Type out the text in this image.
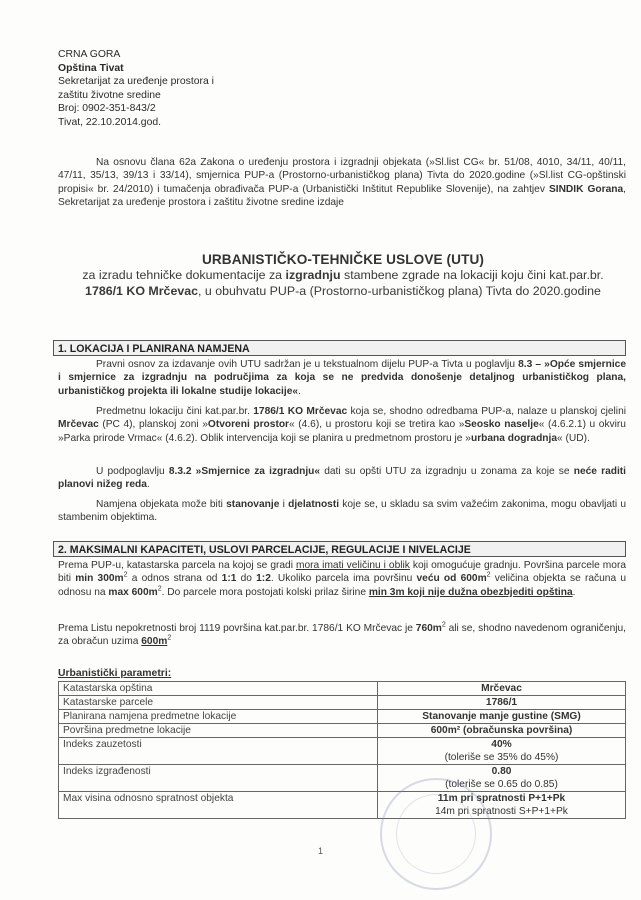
CRNA GORA
Opština Tivat
Sekretarijat za uređenje prostora i
zaštitu životne sredine
Broj: 0902-351-843/2
Tivat, 22.10.2014.god.
Na osnovu člana 62a Zakona o uređenju prostora i izgradnji objekata (»Sl.list CG« br. 51/08, 4010, 34/11, 40/11, 47/11, 35/13, 39/13 i 33/14), smjernica PUP-a (Prostorno-urbanističkog plana) Tivta do 2020.godine (»Sl.list CG-opštinski propisi« br. 24/2010) i tumačenja obrađivača PUP-a (Urbanistički Inštitut Republike Slovenije), na zahtjev SINDIK Gorana, Sekretarijat za uređenje prostora i zaštitu životne sredine izdaje
URBANISTIČKO-TEHNIČKE USLOVE (UTU)
za izradu tehničke dokumentacije za izgradnju stambene zgrade na lokaciji koju čini kat.par.br. 1786/1 KO Mrčevac, u obuhvatu PUP-a (Prostorno-urbanističkog plana) Tivta do 2020.godine
1. LOKACIJA I PLANIRANA NAMJENA
Pravni osnov za izdavanje ovih UTU sadržan je u tekstualnom dijelu PUP-a Tivta u poglavlju 8.3 – »Opće smjernice i smjernice za izgradnju na područjima za koja se ne predvida donošenje detaljnog urbanističkog plana, urbanističkog projekta ili lokalne studije lokacije«.
Predmetnu lokaciju čini kat.par.br. 1786/1 KO Mrčevac koja se, shodno odredbama PUP-a, nalaze u planskoj cjelini Mrčevac (PC 4), planskoj zoni »Otvoreni prostor« (4.6), u prostoru koji se tretira kao »Seosko naselje« (4.6.2.1) u okviru »Parka prirode Vrmac« (4.6.2). Oblik intervencija koji se planira u predmetnom prostoru je »urbana dogradnja« (UD).
U podpoglavlju 8.3.2 »Smjernice za izgradnju« dati su opšti UTU za izgradnju u zonama za koje se neće raditi planovi nižeg reda.
Namjena objekata može biti stanovanje i djelatnosti koje se, u skladu sa svim važećim zakonima, mogu obavljati u stambenim objektima.
2. MAKSIMALNI KAPACITETI, USLOVI PARCELACIJE, REGULACIJE I NIVELACIJE
Prema PUP-u, katastarska parcela na kojoj se gradi mora imati veličinu i oblik koji omogućuje gradnju. Površina parcele mora biti $\min 300m^2$ a odnos strana od 1:1 do 1:2. Ukoliko parcela ima površinu veću od $600m^2$ veličina objekta se računa u odnosu na $\max 600m^2$. Do parcele mora postojati kolski prilaz širine min 3m koji nije dužna obezbjediti opština.
Prema Listu nepokretnosti broj 1119 površina kat.par.br. 1786/1 KO Mrčevac je $760m^2$ ali se, shodno navedenom ograničenju, za obračun uzima $600m^2$
Urbanistički parametri:
Katastarska opština	Mrčevac

Katastarske parcele	1786/1

Planirana namjena predmetne lokacije	Stanovanje manje gustine (SMG)

Površina predmetne lokacije	600m² (obračunska površina)

Indeks zauzetosti	40%
(toleriše se 35% do 45%)

Indeks izgrađenosti	0.80
(toleriše se 0.65 do 0.85)

Max visina odnosno spratnost objekta	11m pri spratnosti P+1+Pk
14m pri spratnosti S+P+1+Pk
1
